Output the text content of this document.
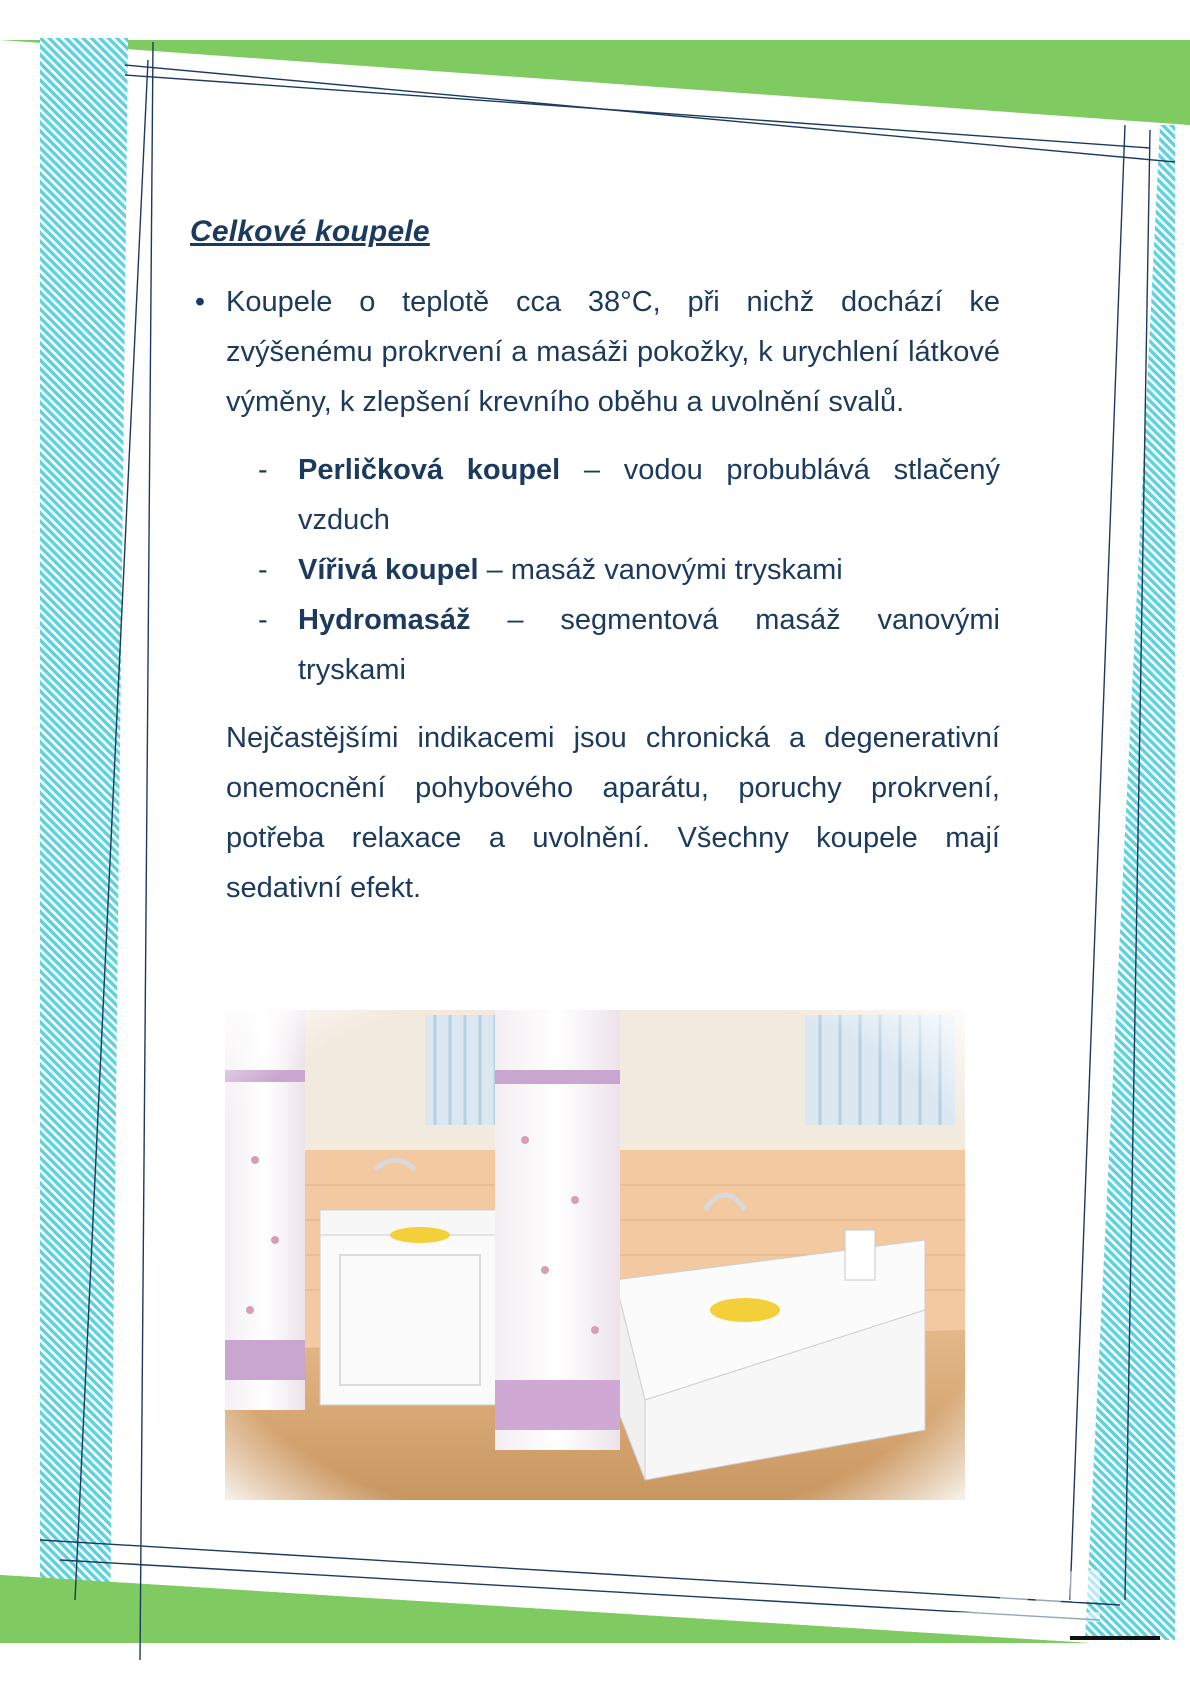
Celkové koupele
• Koupele o teplotě cca 38°C, při nichž dochází ke zvýšenému prokrvení a masáži pokožky, k urychlení látkové výměny, k zlepšení krevního oběhu a uvolnění svalů.
- Perličková koupel – vodou probublává stlačený vzduch
- Vířivá koupel – masáž vanovými tryskami
- Hydromasáž – segmentová masáž vanovými tryskami

Nejčastějšími indikacemi jsou chronická a degenerativní onemocnění pohybového aparátu, poruchy prokrvení, potřeba relaxace a uvolnění. Všechny koupele mají sedativní efekt.
